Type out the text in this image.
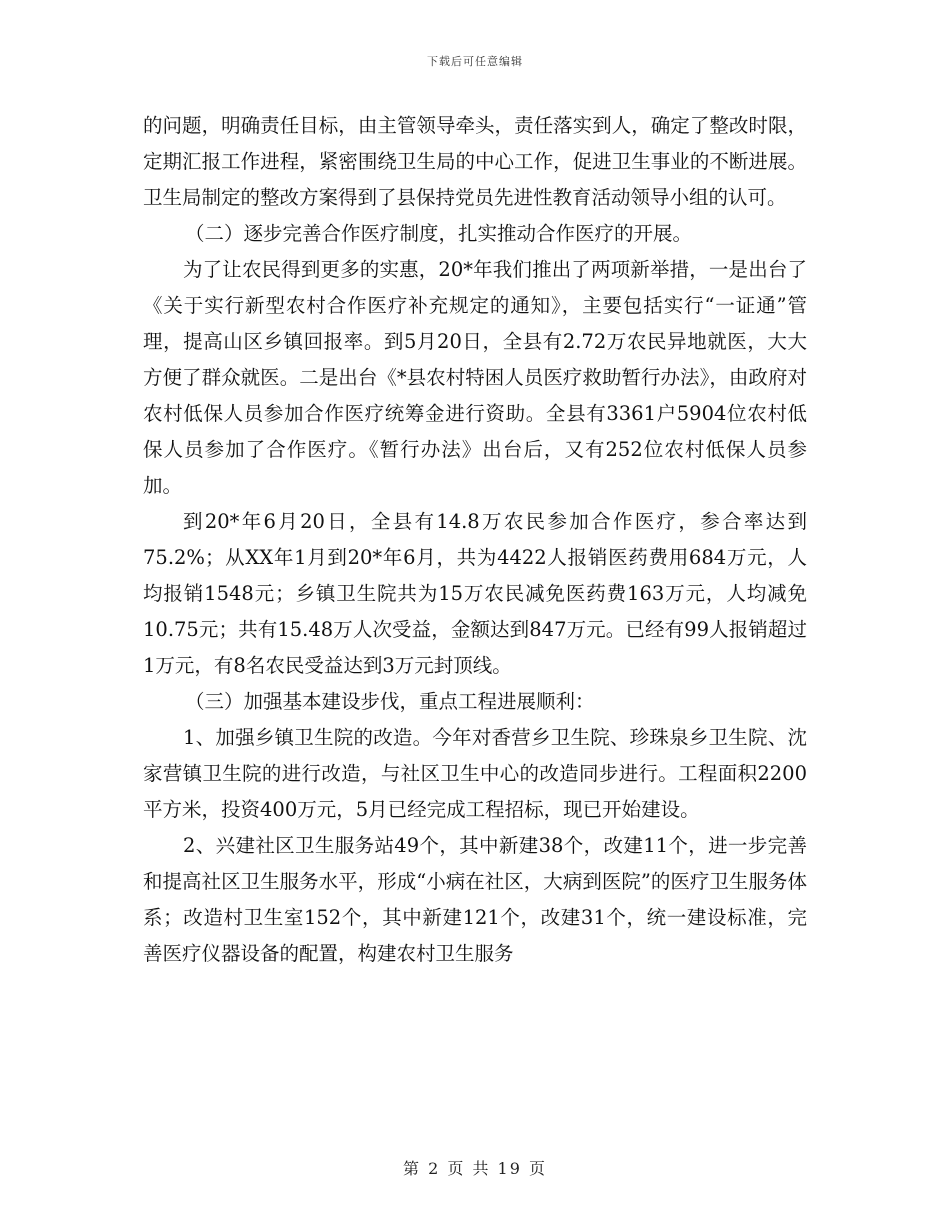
下载后可任意编辑

的问题，明确责任目标，由主管领导牵头，责任落实到人，确定了整改时限，定期汇报工作进程，紧密围绕卫生局的中心工作，促进卫生事业的不断进展。卫生局制定的整改方案得到了县保持党员先进性教育活动领导小组的认可。

（二）逐步完善合作医疗制度，扎实推动合作医疗的开展。

为了让农民得到更多的实惠，20*年我们推出了两项新举措，一是出台了《关于实行新型农村合作医疗补充规定的通知》，主要包括实行“一证通”管理，提高山区乡镇回报率。到5月20日，全县有2.72万农民异地就医，大大方便了群众就医。二是出台《*县农村特困人员医疗救助暂行办法》，由政府对农村低保人员参加合作医疗统筹金进行资助。全县有3361户5904位农村低保人员参加了合作医疗。《暂行办法》出台后，又有252位农村低保人员参加。

到20*年6月20日，全县有14.8万农民参加合作医疗，参合率达到75.2%；从XX年1月到20*年6月，共为4422人报销医药费用684万元，人均报销1548元；乡镇卫生院共为15万农民减免医药费163万元，人均减免10.75元；共有15.48万人次受益，金额达到847万元。已经有99人报销超过1万元，有8名农民受益达到3万元封顶线。

（三）加强基本建设步伐，重点工程进展顺利：

1、加强乡镇卫生院的改造。今年对香营乡卫生院、珍珠泉乡卫生院、沈家营镇卫生院的进行改造，与社区卫生中心的改造同步进行。工程面积2200平方米，投资400万元，5月已经完成工程招标，现已开始建设。

2、兴建社区卫生服务站49个，其中新建38个，改建11个，进一步完善和提高社区卫生服务水平，形成“小病在社区，大病到医院”的医疗卫生服务体系；改造村卫生室152个，其中新建121个，改建31个，统一建设标准，完善医疗仪器设备的配置，构建农村卫生服务

第 2 页 共 19 页
